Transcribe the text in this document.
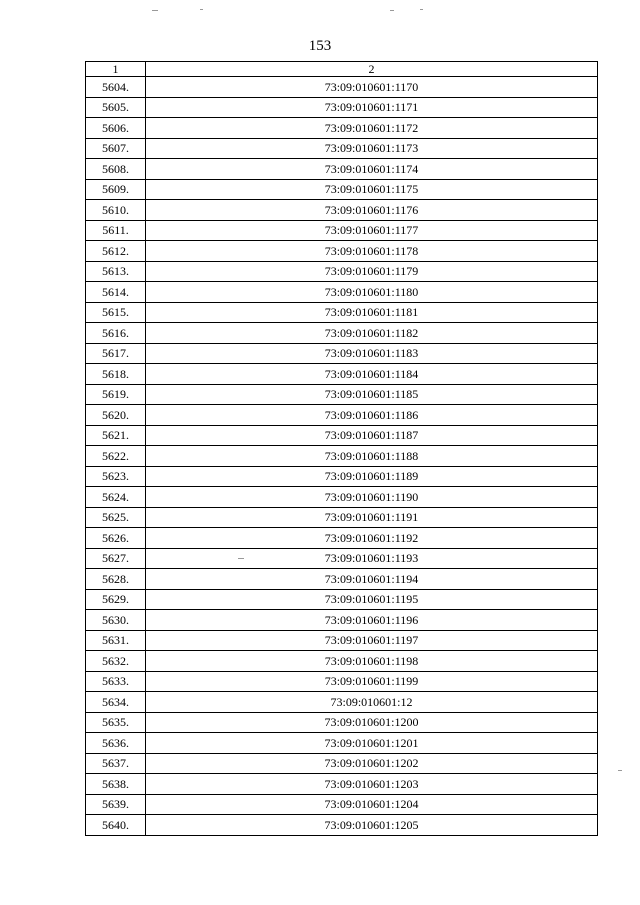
153
1	2
5604.	73:09:010601:1170
5605.	73:09:010601:1171
5606.	73:09:010601:1172
5607.	73:09:010601:1173
5608.	73:09:010601:1174
5609.	73:09:010601:1175
5610.	73:09:010601:1176
5611.	73:09:010601:1177
5612.	73:09:010601:1178
5613.	73:09:010601:1179
5614.	73:09:010601:1180
5615.	73:09:010601:1181
5616.	73:09:010601:1182
5617.	73:09:010601:1183
5618.	73:09:010601:1184
5619.	73:09:010601:1185
5620.	73:09:010601:1186
5621.	73:09:010601:1187
5622.	73:09:010601:1188
5623.	73:09:010601:1189
5624.	73:09:010601:1190
5625.	73:09:010601:1191
5626.	73:09:010601:1192
5627.	73:09:010601:1193
5628.	73:09:010601:1194
5629.	73:09:010601:1195
5630.	73:09:010601:1196
5631.	73:09:010601:1197
5632.	73:09:010601:1198
5633.	73:09:010601:1199
5634.	73:09:010601:12
5635.	73:09:010601:1200
5636.	73:09:010601:1201
5637.	73:09:010601:1202
5638.	73:09:010601:1203
5639.	73:09:010601:1204
5640.	73:09:010601:1205
